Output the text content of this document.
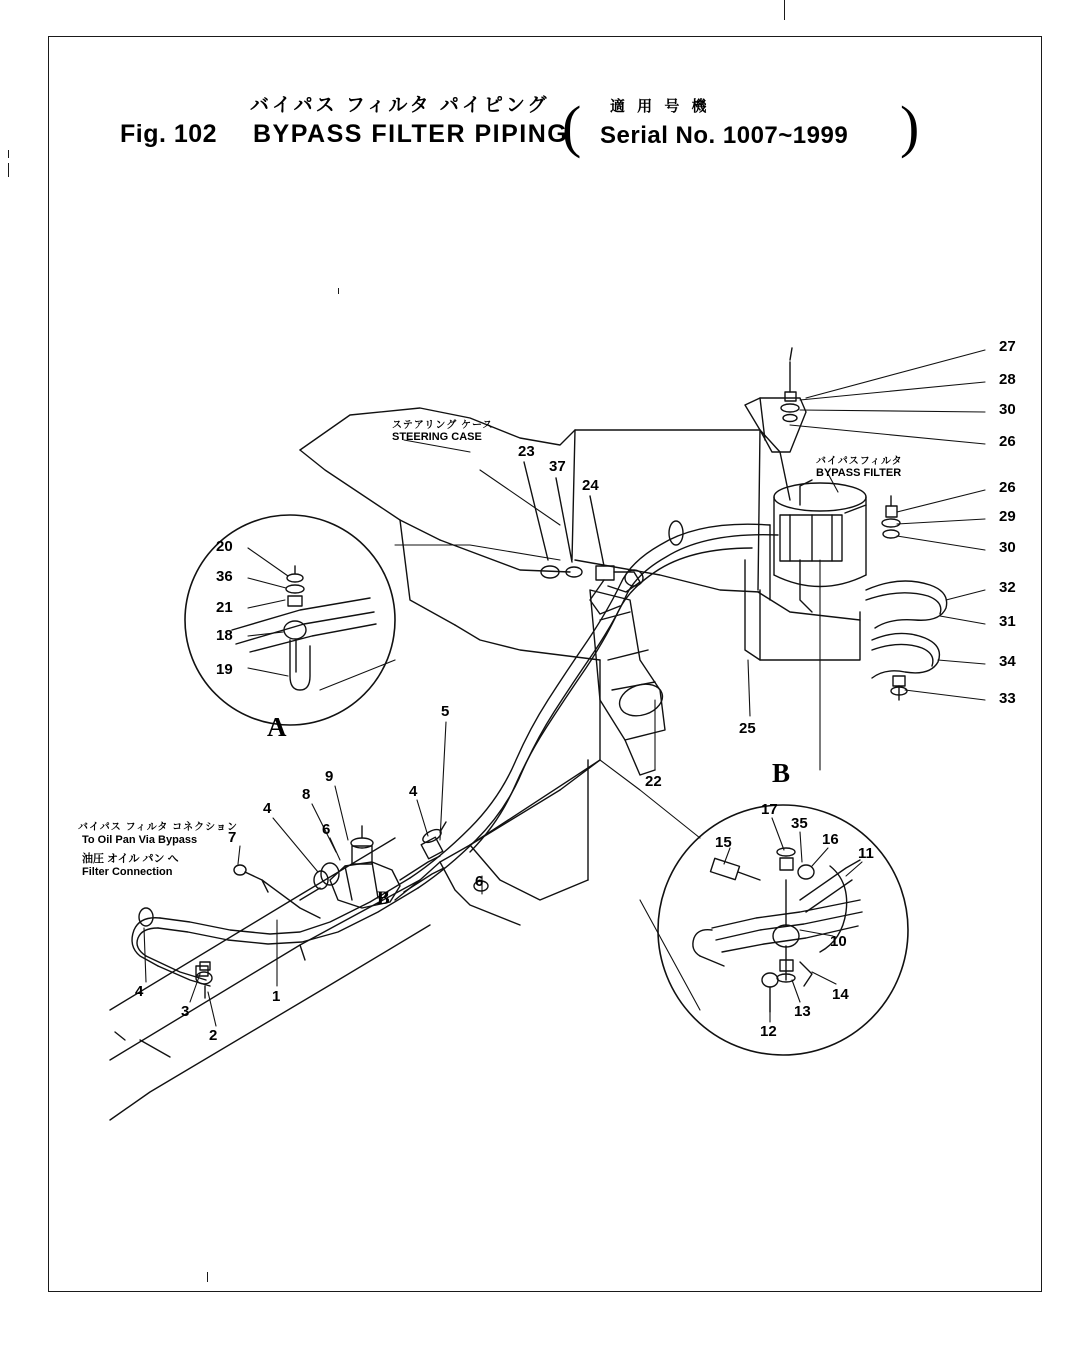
バイパス フィルタ パイピング	適 用 号 機
Fig. 102 BYPASS FILTER PIPING
( Serial No. 1007~1999 )
ステアリング ケース
STEERING CASE
バイパスフィルタ
BYPASS FILTER
バイパス フィルタ コネクション
To Oil Pan Via Bypass
油圧 オイル パン へ
Filter Connection
A
B
27
28
30
26
26
29
30
32
31
34
33
23
37
24
25
22
20
36
21
18
19
9
8
7	6
4
5
4
6
B
4
3
2
1
15
17
35
16
11
10
14
13
12
